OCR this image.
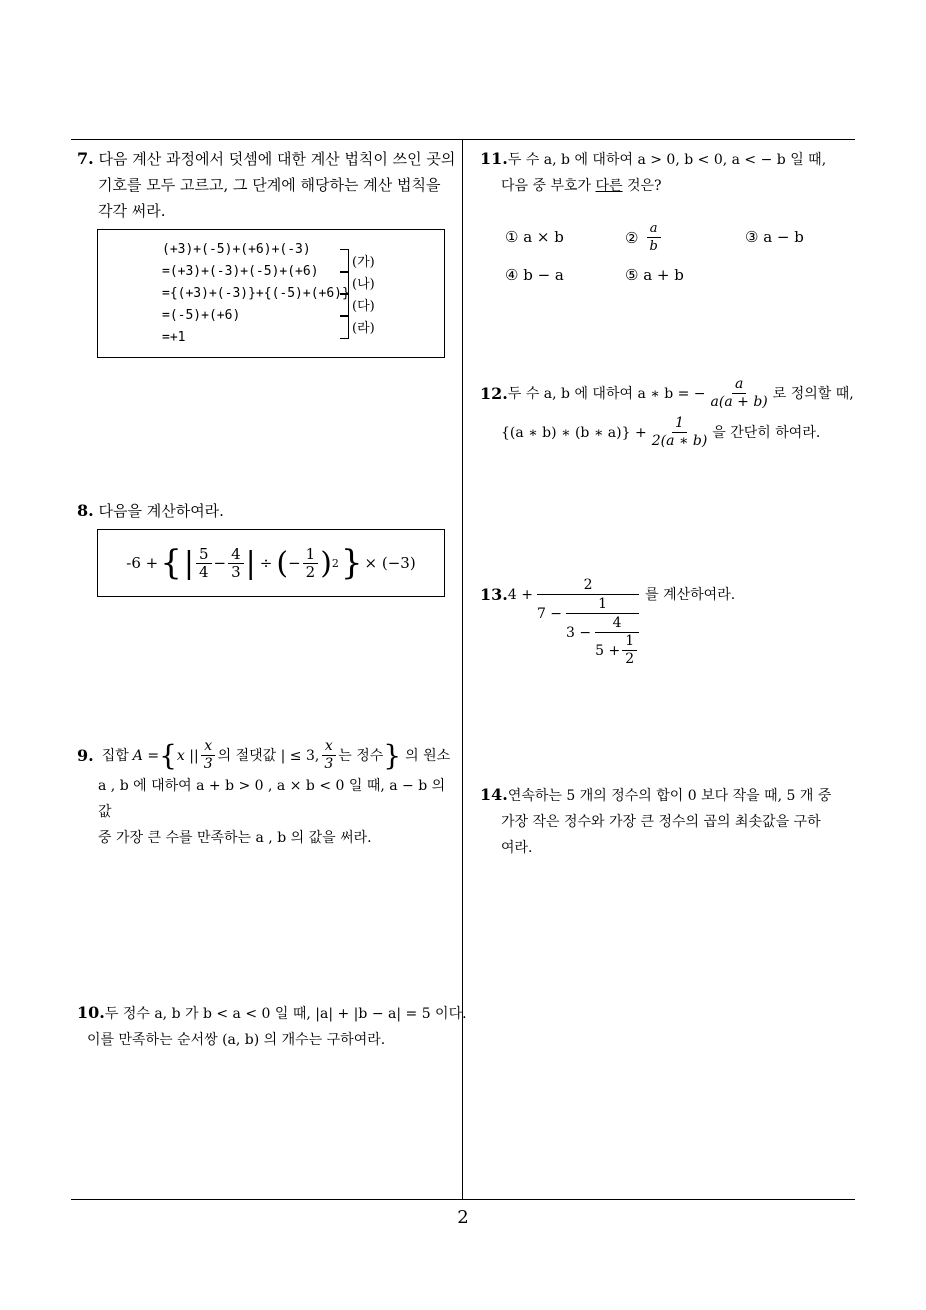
7. 다음 계산 과정에서 덧셈에 대한 계산 법칙이 쓰인 곳의
기호를 모두 고르고, 그 단계에 해당하는 계산 법칙을
각각 써라.
(+3)+(-5)+(+6)+(-3)
=(+3)+(-3)+(-5)+(+6)
={(+3)+(-3)}+{(-5)+(+6)}
=(-5)+(+6)
=+1
(가)
(나)
(다)
(라)
8. 다음을 계산하여라.
-6 + { | $\frac{5}{4} - \frac{4}{3}$ | ÷ ( − $\frac{1}{2}$ ) 2 } × (−3)
9. 집합 A = { x || $\frac{x}{3}$ 의 절댓값 | ≤ 3, $\frac{x}{3}$ 는 정수 } 의 원소
a , b 에 대하여 a + b > 0 , a × b < 0 일 때, a − b 의 값
중 가장 큰 수를 만족하는 a , b 의 값을 써라.
10.두 정수 a, b 가 b < a < 0 일 때, |a| + |b − a| = 5 이다.
이를 만족하는 순서쌍 (a, b) 의 개수는 구하여라.
11.두 수 a, b 에 대하여 a > 0, b < 0, a < − b 일 때,
다음 중 부호가 다른 것은?
① a × b	② $\frac{a}{b}$	③ a − b
④ b − a	⑤ a + b
12. 두 수 a, b 에 대하여 a ∗ b = − $\frac{a}{a(a + b)}$ 로 정의할 때,
{(a ∗ b) ∗ (b ∗ $a)\} + \frac{1}{2(a ∗ b)}$ 을 간단히 하여라.
13. 4 +
2
7 −
1
$3 - \frac{4}{5 + \frac{1}{2}}$
를 계산하여라.
14.연속하는 5 개의 정수의 합이 0 보다 작을 때, 5 개 중
가장 작은 정수와 가장 큰 정수의 곱의 최솟값을 구하
여라.
2
